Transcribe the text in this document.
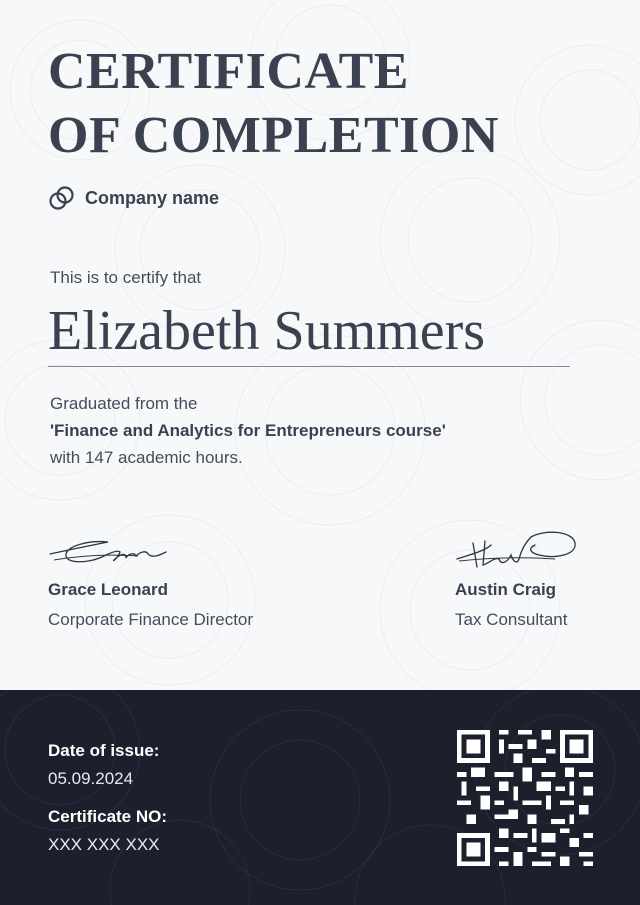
CERTIFICATE
OF COMPLETION
Company name
This is to certify that
Elizabeth Summers
Graduated from the
'Finance and Analytics for Entrepreneurs course'
with 147 academic hours.
Grace Leonard
Corporate Finance Director
Austin Craig
Tax Consultant
Date of issue:
05.09.2024
Certificate NO:
XXX XXX XXX
